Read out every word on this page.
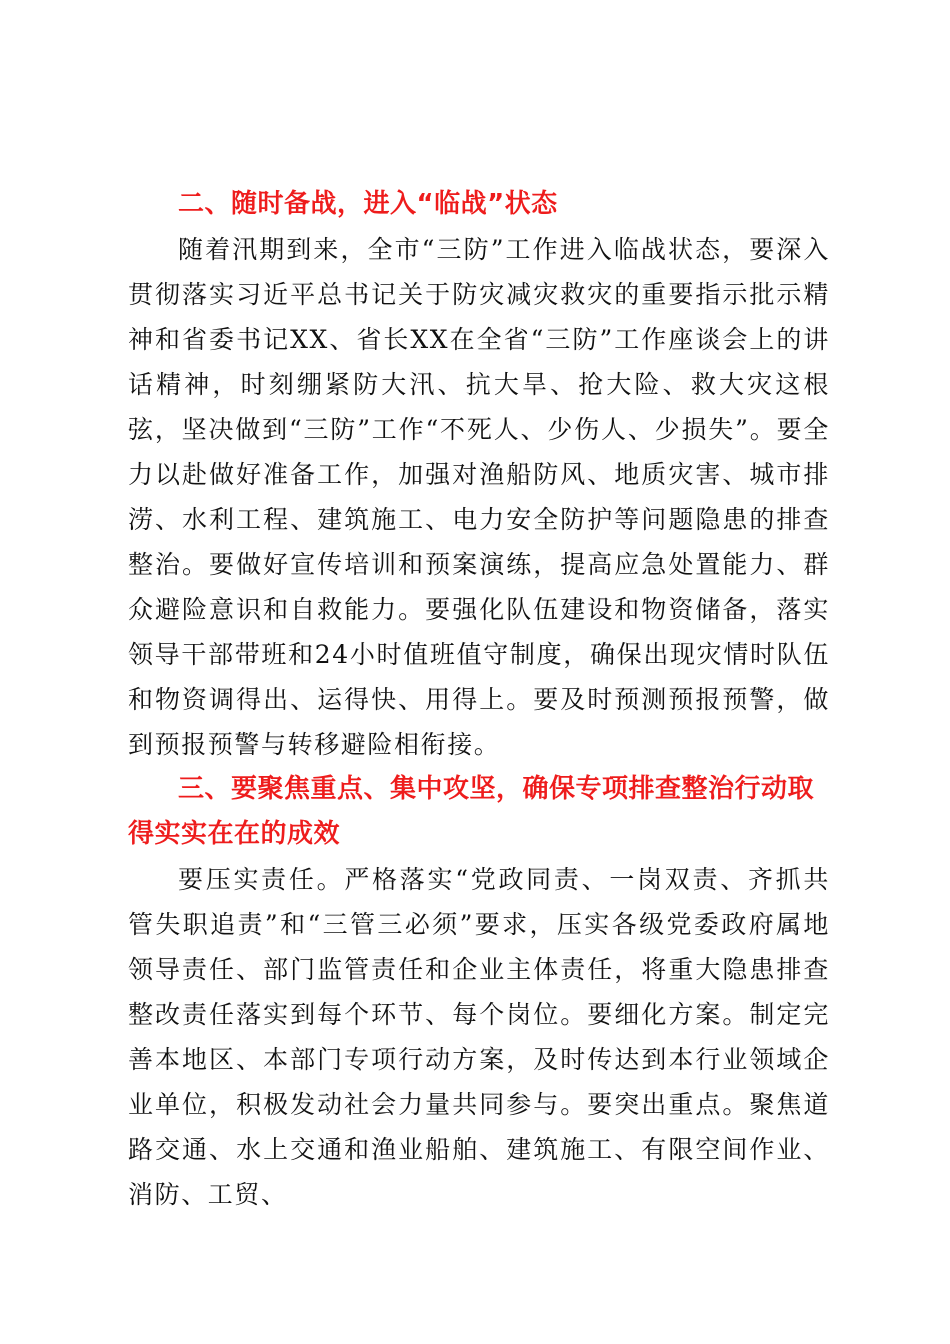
二、随时备战，进入“临战”状态

随着汛期到来，全市“三防”工作进入临战状态，要深入贯彻落实习近平总书记关于防灾减灾救灾的重要指示批示精神和省委书记XX、省长XX在全省“三防”工作座谈会上的讲话精神，时刻绷紧防大汛、抗大旱、抢大险、救大灾这根弦，坚决做到“三防”工作“不死人、少伤人、少损失”。要全力以赴做好准备工作，加强对渔船防风、地质灾害、城市排涝、水利工程、建筑施工、电力安全防护等问题隐患的排查整治。要做好宣传培训和预案演练，提高应急处置能力、群众避险意识和自救能力。要强化队伍建设和物资储备，落实领导干部带班和24小时值班值守制度，确保出现灾情时队伍和物资调得出、运得快、用得上。要及时预测预报预警，做到预报预警与转移避险相衔接。

三、要聚焦重点、集中攻坚，确保专项排查整治行动取得实实在在的成效

要压实责任。严格落实“党政同责、一岗双责、齐抓共管失职追责”和“三管三必须”要求，压实各级党委政府属地领导责任、部门监管责任和企业主体责任，将重大隐患排查整改责任落实到每个环节、每个岗位。要细化方案。制定完善本地区、本部门专项行动方案，及时传达到本行业领域企业单位，积极发动社会力量共同参与。要突出重点。聚焦道路交通、水上交通和渔业船舶、建筑施工、有限空间作业、消防、工贸、
